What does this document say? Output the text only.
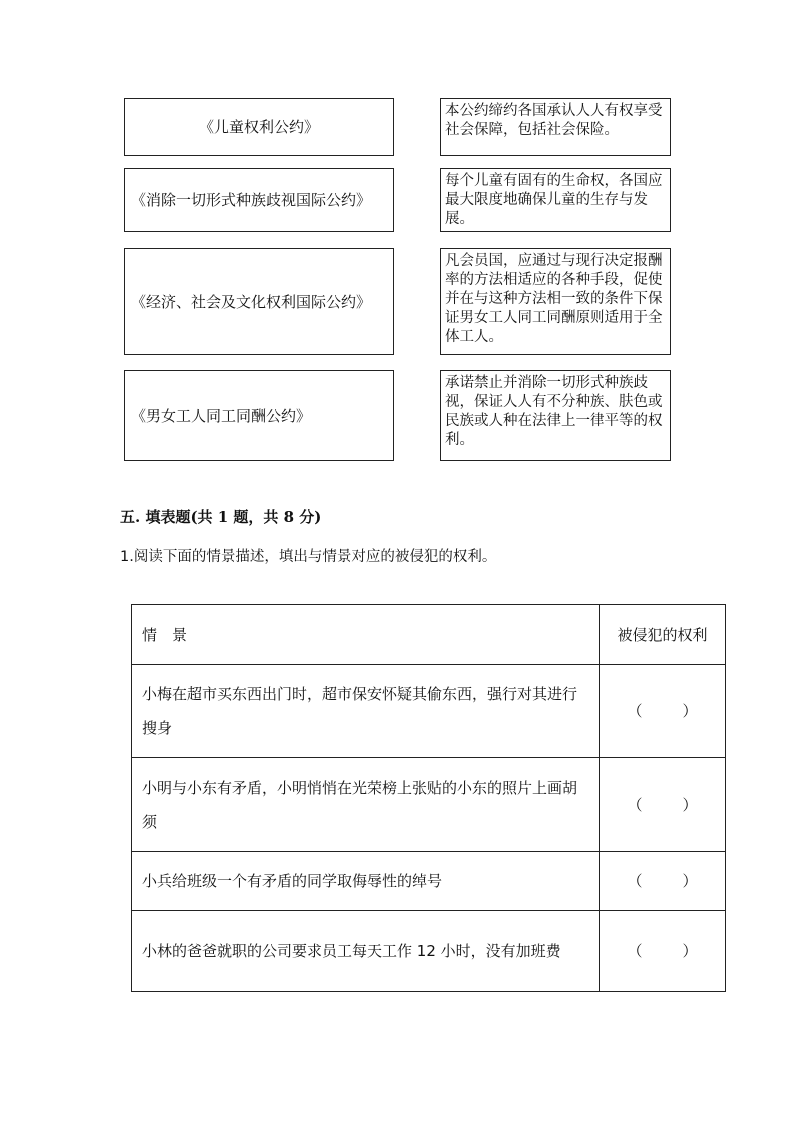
《儿童权利公约》
《消除一切形式种族歧视国际公约》
《经济、社会及文化权利国际公约》
《男女工人同工同酬公约》
本公约缔约各国承认人人有权享受社会保障，包括社会保险。
每个儿童有固有的生命权，各国应最大限度地确保儿童的生存与发展。
凡会员国，应通过与现行决定报酬率的方法相适应的各种手段，促使并在与这种方法相一致的条件下保证男女工人同工同酬原则适用于全体工人。
承诺禁止并消除一切形式种族歧视，保证人人有不分种族、肤色或民族或人种在法律上一律平等的权利。
五. 填表题(共 1 题，共 8 分)
1.阅读下面的情景描述，填出与情景对应的被侵犯的权利。
情　景	被侵犯的权利
小梅在超市买东西出门时，超市保安怀疑其偷东西，强行对其进行搜身	（ ）

小明与小东有矛盾，小明悄悄在光荣榜上张贴的小东的照片上画胡须	（ ）

小兵给班级一个有矛盾的同学取侮辱性的绰号	（ ）

小林的爸爸就职的公司要求员工每天工作 12 小时，没有加班费	（ ）
